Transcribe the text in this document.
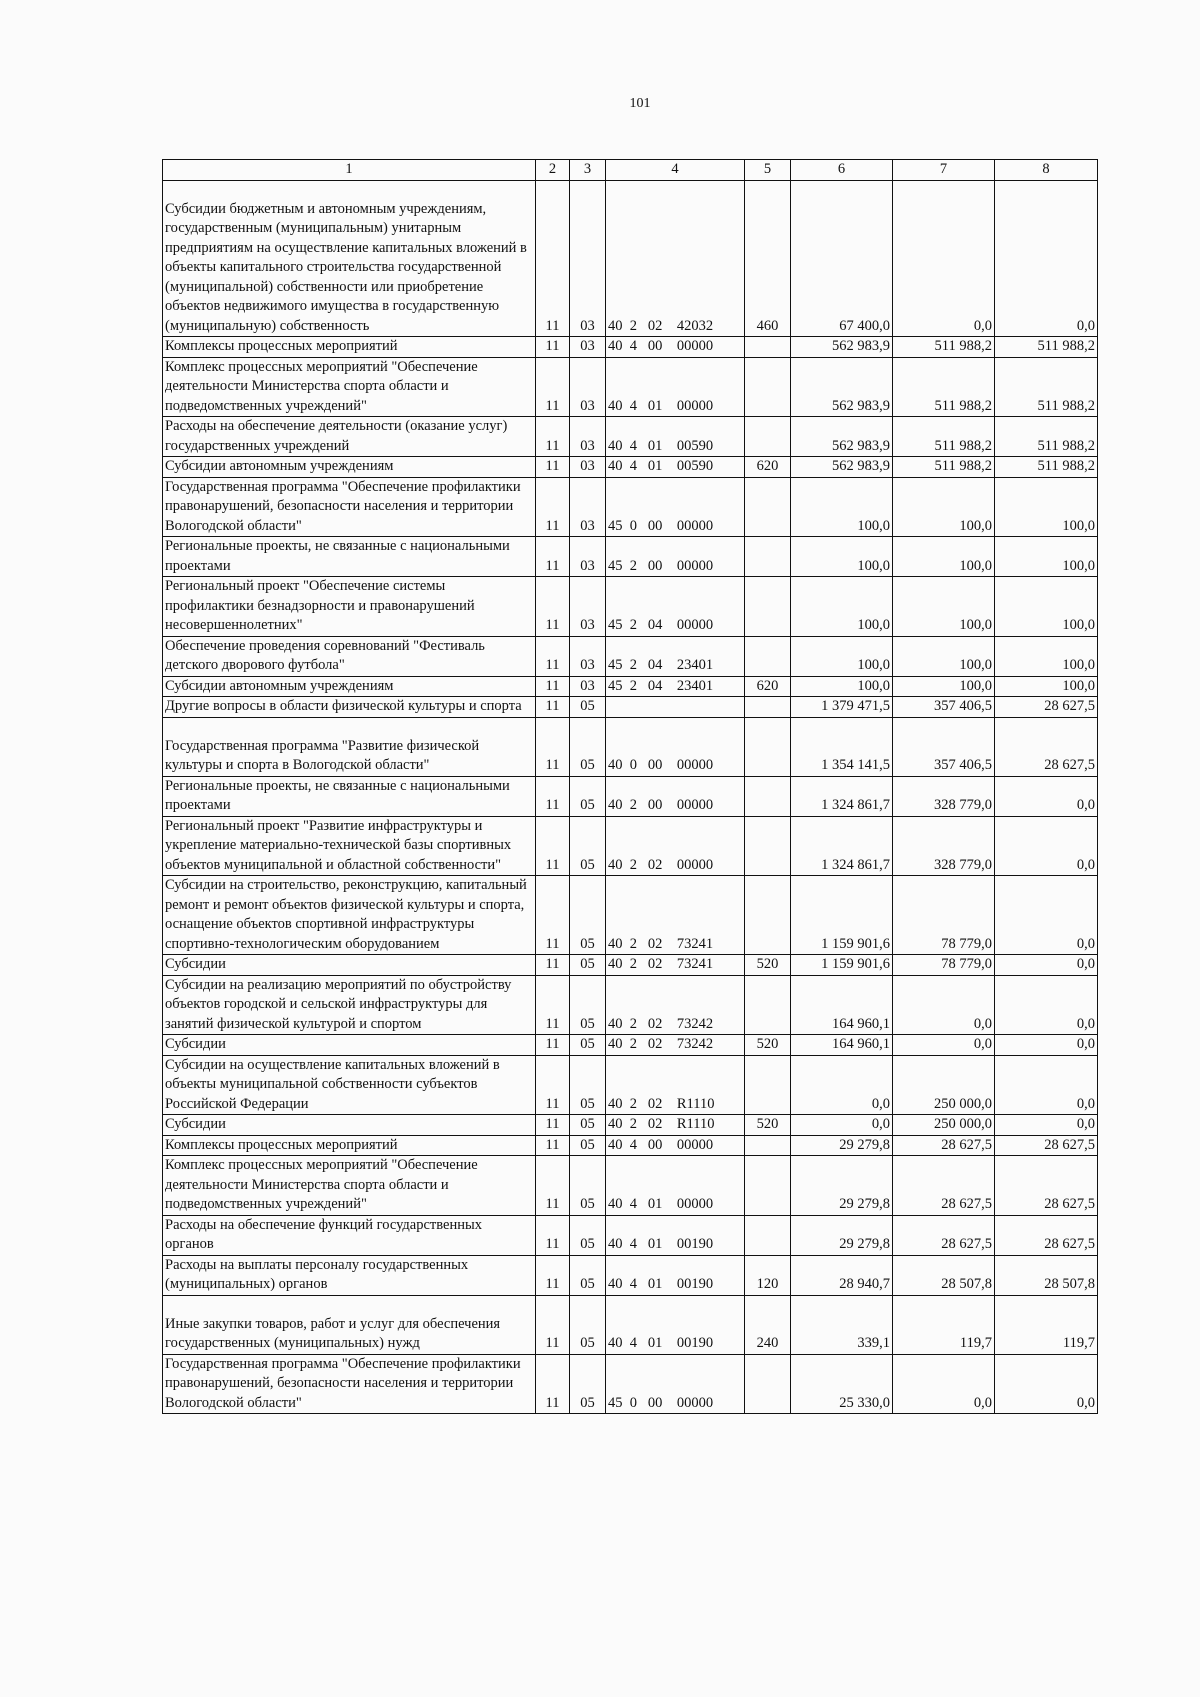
101
1	2	3	4	5	6	7	8

Субсидии бюджетным и автономным учреждениям, государственным (муниципальным) унитарным предприятиям на осуществление капитальных вложений в объекты капитального строительства государственной (муниципальной) собственности или приобретение объектов недвижимого имущества в государственную (муниципальную) собственность	11	03	40  2   02    42032	460	67 400,0	0,0	0,0
Комплексы процессных мероприятий	11	03	40  4   00    00000		562 983,9	511 988,2	511 988,2
Комплекс процессных мероприятий "Обеспечение деятельности Министерства спорта области и подведомственных учреждений"	11	03	40  4   01    00000		562 983,9	511 988,2	511 988,2
Расходы на обеспечение деятельности (оказание услуг) государственных учреждений	11	03	40  4   01    00590		562 983,9	511 988,2	511 988,2
Субсидии автономным учреждениям	11	03	40  4   01    00590	620	562 983,9	511 988,2	511 988,2
Государственная программа "Обеспечение профилактики правонарушений, безопасности населения и территории Вологодской области"	11	03	45  0   00    00000		100,0	100,0	100,0
Региональные проекты, не связанные с национальными проектами	11	03	45  2   00    00000		100,0	100,0	100,0
Региональный проект "Обеспечение системы профилактики безнадзорности и правонарушений несовершеннолетних"	11	03	45  2   04    00000		100,0	100,0	100,0
Обеспечение проведения соревнований "Фестиваль детского дворового футбола"	11	03	45  2   04    23401		100,0	100,0	100,0
Субсидии автономным учреждениям	11	03	45  2   04    23401	620	100,0	100,0	100,0
Другие вопросы в области физической культуры и спорта	11	05			1 379 471,5	357 406,5	28 627,5

Государственная программа "Развитие физической культуры и спорта в Вологодской области"	11	05	40  0   00    00000		1 354 141,5	357 406,5	28 627,5
Региональные проекты, не связанные с национальными проектами	11	05	40  2   00    00000		1 324 861,7	328 779,0	0,0
Региональный проект "Развитие инфраструктуры и укрепление материально-технической базы спортивных объектов муниципальной и областной собственности"	11	05	40  2   02    00000		1 324 861,7	328 779,0	0,0
Субсидии на строительство, реконструкцию, капитальный ремонт и ремонт объектов физической культуры и спорта, оснащение объектов спортивной инфраструктуры спортивно-технологическим оборудованием	11	05	40  2   02    73241		1 159 901,6	78 779,0	0,0
Субсидии	11	05	40  2   02    73241	520	1 159 901,6	78 779,0	0,0
Субсидии на реализацию мероприятий по обустройству объектов городской и сельской инфраструктуры для занятий физической культурой и спортом	11	05	40  2   02    73242		164 960,1	0,0	0,0
Субсидии	11	05	40  2   02    73242	520	164 960,1	0,0	0,0
Субсидии на осуществление капитальных вложений в объекты муниципальной собственности субъектов Российской Федерации	11	05	40  2   02    R1110		0,0	250 000,0	0,0
Субсидии	11	05	40  2   02    R1110	520	0,0	250 000,0	0,0
Комплексы процессных мероприятий	11	05	40  4   00    00000		29 279,8	28 627,5	28 627,5
Комплекс процессных мероприятий "Обеспечение деятельности Министерства спорта области и подведомственных учреждений"	11	05	40  4   01    00000		29 279,8	28 627,5	28 627,5
Расходы на обеспечение функций государственных органов	11	05	40  4   01    00190		29 279,8	28 627,5	28 627,5
Расходы на выплаты персоналу государственных (муниципальных) органов	11	05	40  4   01    00190	120	28 940,7	28 507,8	28 507,8

Иные закупки товаров, работ и услуг для обеспечения государственных (муниципальных) нужд	11	05	40  4   01    00190	240	339,1	119,7	119,7
Государственная программа "Обеспечение профилактики правонарушений, безопасности населения и территории Вологодской области"	11	05	45  0   00    00000		25 330,0	0,0	0,0
